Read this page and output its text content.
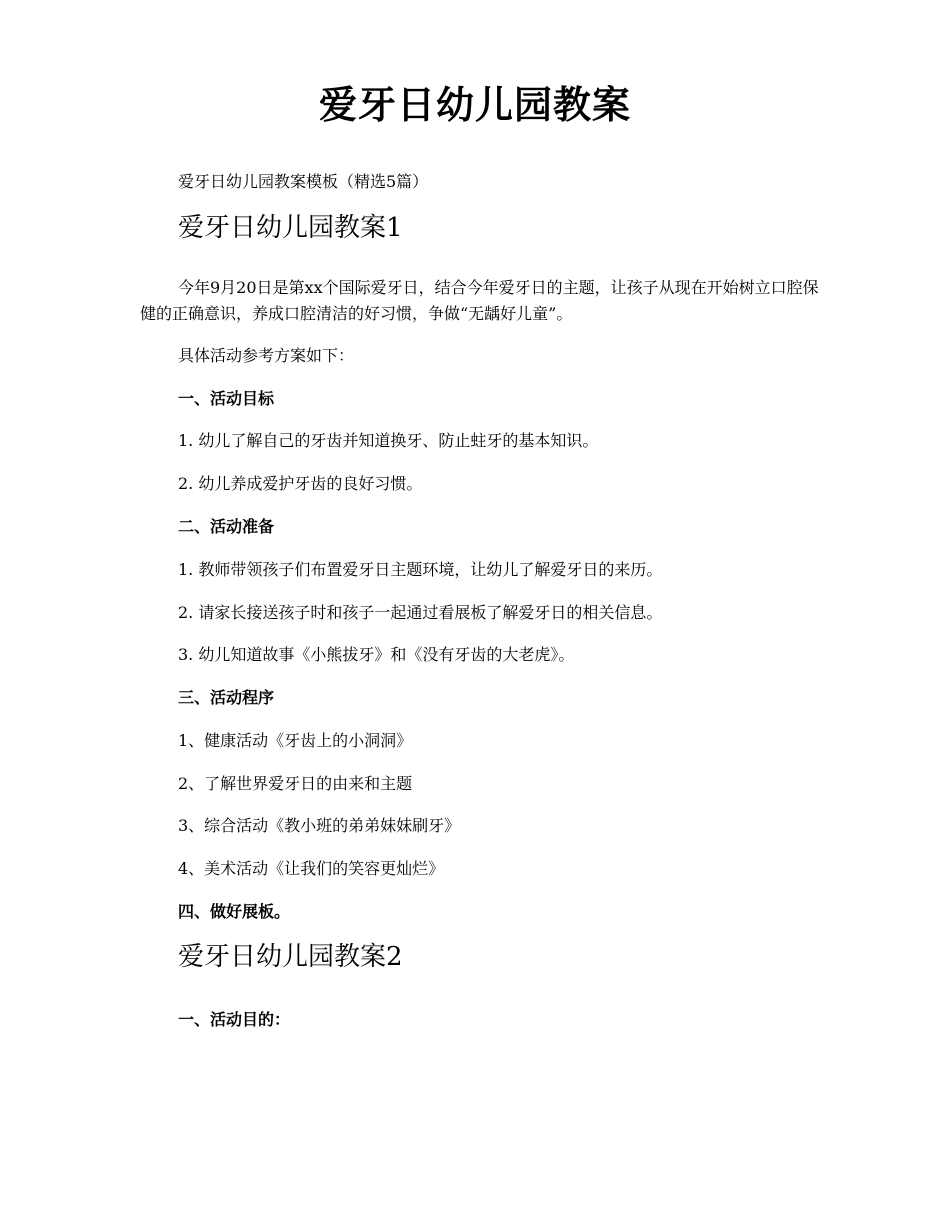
爱牙日幼儿园教案
爱牙日幼儿园教案模板（精选5篇）
爱牙日幼儿园教案1
今年9月20日是第xx个国际爱牙日，结合今年爱牙日的主题，让孩子从现在开始树立口腔保健的正确意识，养成口腔清洁的好习惯，争做“无龋好儿童”。
具体活动参考方案如下：
一、活动目标
1. 幼儿了解自己的牙齿并知道换牙、防止蛀牙的基本知识。
2. 幼儿养成爱护牙齿的良好习惯。
二、活动准备
1. 教师带领孩子们布置爱牙日主题环境，让幼儿了解爱牙日的来历。
2. 请家长接送孩子时和孩子一起通过看展板了解爱牙日的相关信息。
3. 幼儿知道故事《小熊拔牙》和《没有牙齿的大老虎》。
三、活动程序
1、健康活动《牙齿上的小洞洞》
2、了解世界爱牙日的由来和主题
3、综合活动《教小班的弟弟妹妹刷牙》
4、美术活动《让我们的笑容更灿烂》
四、做好展板。
爱牙日幼儿园教案2
一、活动目的：
